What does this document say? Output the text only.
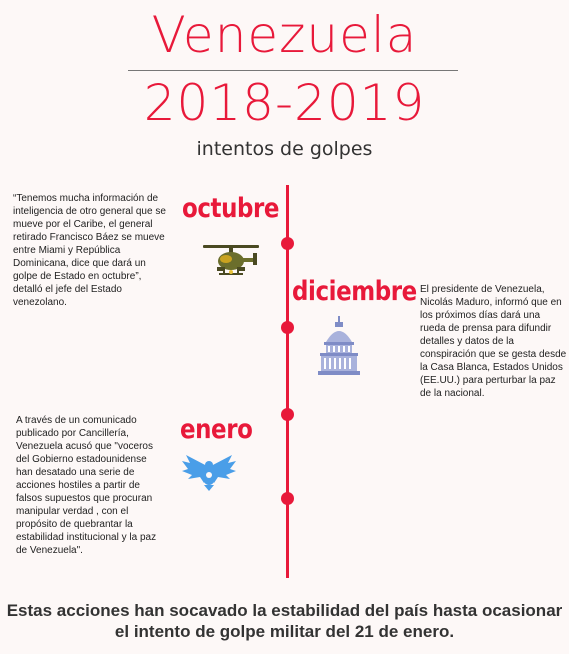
Venezuela
2018-2019
intentos de golpes
octubre
“Tenemos mucha información de inteligencia de otro general que se mueve por el Caribe, el general retirado Francisco Báez se mueve entre Miami y República Dominicana, dice que dará un golpe de Estado en octubre”, detalló el jefe del Estado venezolano.	diciembre El presidente de Venezuela, Nicolás Maduro, informó que en los próximos días dará una rueda de prensa para difundir detalles y datos de la conspiración que se gesta desde la Casa Blanca, Estados Unidos (EE.UU.) para perturbar la paz de la nacional.
enero
A través de un comunicado publicado por Cancillería, Venezuela acusó que "voceros del Gobierno estadounidense han desatado una serie de acciones hostiles a partir de falsos supuestos que procuran manipular verdad , con el propósito de quebrantar la estabilidad institucional y la paz de Venezuela".
Estas acciones han socavado la estabilidad del país hasta ocasionar el intento de golpe militar del 21 de enero.
